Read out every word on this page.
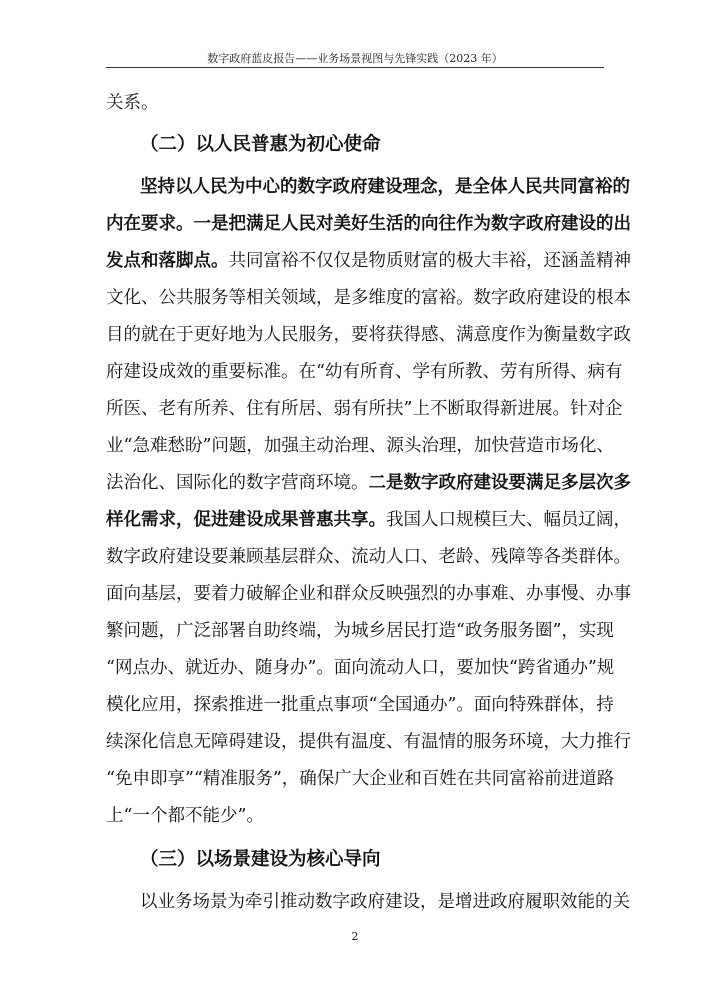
数字政府蓝皮报告——业务场景视图与先锋实践（2023 年）
关系。
（二）以人民普惠为初心使命
坚持以人民为中心的数字政府建设理念，是全体人民共同富裕的
内在要求。一是把满足人民对美好生活的向往作为数字政府建设的出
发点和落脚点。共同富裕不仅仅是物质财富的极大丰裕，还涵盖精神
文化、公共服务等相关领域，是多维度的富裕。数字政府建设的根本
目的就在于更好地为人民服务，要将获得感、满意度作为衡量数字政
府建设成效的重要标准。在“幼有所育、学有所教、劳有所得、病有
所医、老有所养、住有所居、弱有所扶”上不断取得新进展。针对企
业“急难愁盼”问题，加强主动治理、源头治理，加快营造市场化、
法治化、国际化的数字营商环境。二是数字政府建设要满足多层次多
样化需求，促进建设成果普惠共享。我国人口规模巨大、幅员辽阔，
数字政府建设要兼顾基层群众、流动人口、老龄、残障等各类群体。
面向基层，要着力破解企业和群众反映强烈的办事难、办事慢、办事
繁问题，广泛部署自助终端，为城乡居民打造“政务服务圈”，实现
“网点办、就近办、随身办”。面向流动人口，要加快“跨省通办”规
模化应用，探索推进一批重点事项“全国通办”。面向特殊群体，持
续深化信息无障碍建设，提供有温度、有温情的服务环境，大力推行
“免申即享”“精准服务”，确保广大企业和百姓在共同富裕前进道路
上“一个都不能少”。
（三）以场景建设为核心导向
以业务场景为牵引推动数字政府建设，是增进政府履职效能的关
2
